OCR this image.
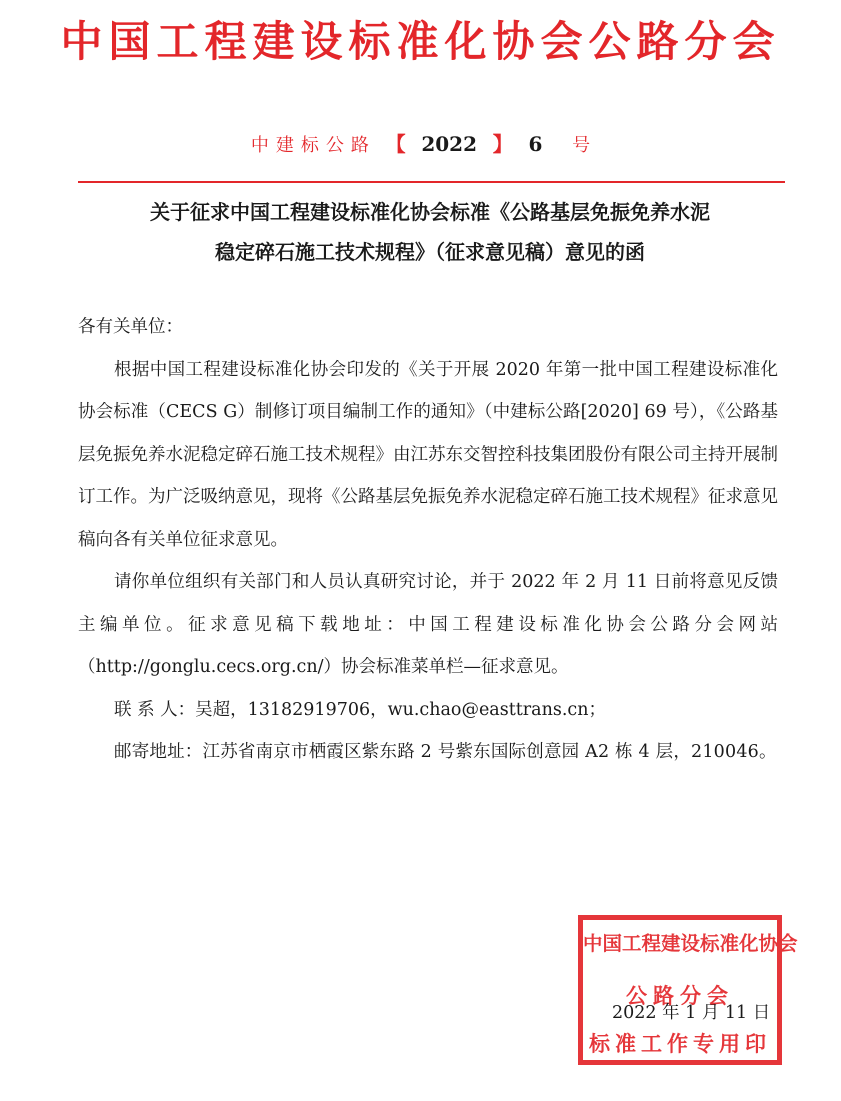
中国工程建设标准化协会公路分会
中建标公路 【 2022 】 6 号
关于征求中国工程建设标准化协会标准《公路基层免振免养水泥
稳定碎石施工技术规程》（征求意见稿）意见的函

各有关单位：

根据中国工程建设标准化协会印发的《关于开展 2020 年第一批中国工程建设标准化协会标准（CECS G）制修订项目编制工作的通知》（中建标公路[2020] 69 号），《公路基层免振免养水泥稳定碎石施工技术规程》由江苏东交智控科技集团股份有限公司主持开展制订工作。为广泛吸纳意见，现将《公路基层免振免养水泥稳定碎石施工技术规程》征求意见稿向各有关单位征求意见。

请你单位组织有关部门和人员认真研究讨论，并于 2022 年 2 月 11 日前将意见反馈主编单位。征求意见稿下载地址：中国工程建设标准化协会公路分会网站（http://gonglu.cecs.org.cn/）协会标准菜单栏—征求意见。

联 系 人：吴超，13182919706，wu.chao@easttrans.cn；

邮寄地址：江苏省南京市栖霞区紫东路 2 号紫东国际创意园 A2 栋 4 层，210046。

中国工程建设标准化协会
公路分会
标准工作专用印
2022 年 1 月 11 日
